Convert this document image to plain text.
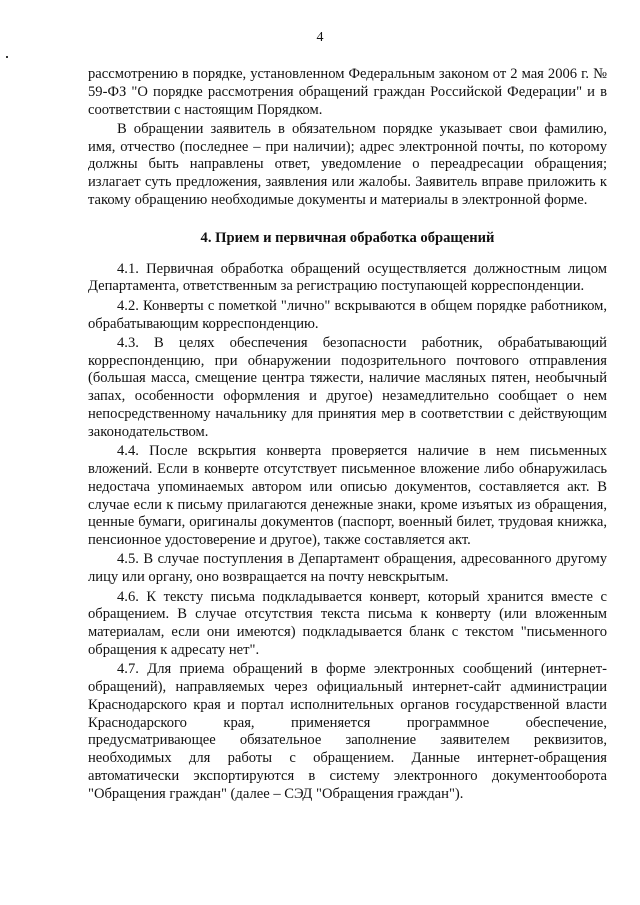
4

рассмотрению в порядке, установленном Федеральным законом от 2 мая 2006 г. № 59-ФЗ "О порядке рассмотрения обращений граждан Российской Федерации" и в соответствии с настоящим Порядком.

В обращении заявитель в обязательном порядке указывает свои фамилию, имя, отчество (последнее – при наличии); адрес электронной почты, по которому должны быть направлены ответ, уведомление о переадресации обращения; излагает суть предложения, заявления или жалобы. Заявитель вправе приложить к такому обращению необходимые документы и материалы в электронной форме.

4. Прием и первичная обработка обращений

4.1. Первичная обработка обращений осуществляется должностным лицом Департамента, ответственным за регистрацию поступающей корреспонденции.

4.2. Конверты с пометкой "лично" вскрываются в общем порядке работником, обрабатывающим корреспонденцию.

4.3. В целях обеспечения безопасности работник, обрабатывающий корреспонденцию, при обнаружении подозрительного почтового отправления (большая масса, смещение центра тяжести, наличие масляных пятен, необычный запах, особенности оформления и другое) незамедлительно сообщает о нем непосредственному начальнику для принятия мер в соответствии с действующим законодательством.

4.4. После вскрытия конверта проверяется наличие в нем письменных вложений. Если в конверте отсутствует письменное вложение либо обнаружилась недостача упоминаемых автором или описью документов, составляется акт. В случае если к письму прилагаются денежные знаки, кроме изъятых из обращения, ценные бумаги, оригиналы документов (паспорт, военный билет, трудовая книжка, пенсионное удостоверение и другое), также составляется акт.

4.5. В случае поступления в Департамент обращения, адресованного другому лицу или органу, оно возвращается на почту невскрытым.

4.6. К тексту письма подкладывается конверт, который хранится вместе с обращением. В случае отсутствия текста письма к конверту (или вложенным материалам, если они имеются) подкладывается бланк с текстом "письменного обращения к адресату нет".

4.7. Для приема обращений в форме электронных сообщений (интернет-обращений), направляемых через официальный интернет-сайт администрации Краснодарского края и портал исполнительных органов государственной власти Краснодарского края, применяется программное обеспечение, предусматривающее обязательное заполнение заявителем реквизитов, необходимых для работы с обращением. Данные интернет-обращения автоматически экспортируются в систему электронного документооборота "Обращения граждан" (далее – СЭД "Обращения граждан").
